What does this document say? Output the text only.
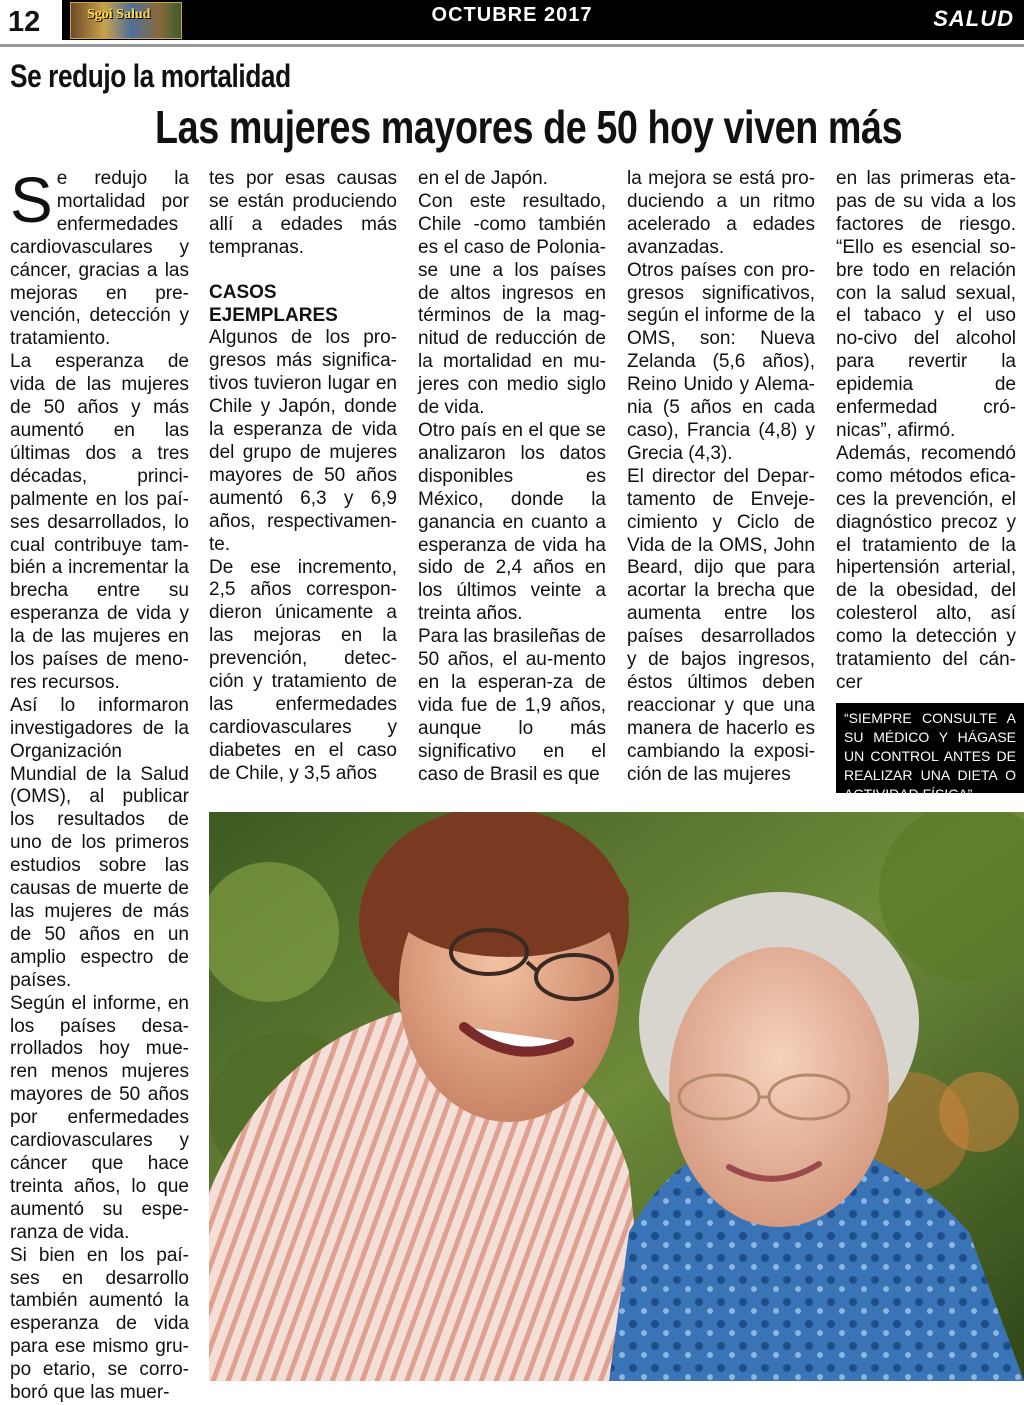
12	Sgoi Salud	OCTUBRE 2017	SALUD
Se redujo la mortalidad
Las mujeres mayores de 50 hoy viven más

Se redujo la mortalidad por enfermedades cardiovasculares y cáncer, gracias a las mejoras en pre-vención, detección y tratamiento.

La esperanza de vida de las mujeres de 50 años y más aumentó en las últimas dos a tres décadas, princi-palmente en los paí-ses desarrollados, lo cual contribuye tam-bién a incrementar la brecha entre su esperanza de vida y la de las mujeres en los países de meno-res recursos.

Así lo informaron investigadores de la Organización Mundial de la Salud (OMS), al publicar los resultados de uno de los primeros estudios sobre las causas de muerte de las mujeres de más de 50 años en un amplio espectro de países.

Según el informe, en los países desa-rrollados hoy mue-ren menos mujeres mayores de 50 años por enfermedades cardiovasculares y cáncer que hace treinta años, lo que aumentó su espe-ranza de vida.

Si bien en los paí-ses en desarrollo también aumentó la esperanza de vida para ese mismo gru-po etario, se corro-boró que las muer-

tes por esas causas se están produciendo allí a edades más tempranas.

CASOS EJEMPLARES

Algunos de los pro-gresos más significa-tivos tuvieron lugar en Chile y Japón, donde la esperanza de vida del grupo de mujeres mayores de 50 años aumentó 6,3 y 6,9 años, respectivamen-te.

De ese incremento, 2,5 años correspon-dieron únicamente a las mejoras en la prevención, detec-ción y tratamiento de las enfermedades cardiovasculares y diabetes en el caso de Chile, y 3,5 años

en el de Japón.

Con este resultado, Chile -como también es el caso de Polonia- se une a los países de altos ingresos en términos de la mag-nitud de reducción de la mortalidad en mu-jeres con medio siglo de vida.

Otro país en el que se analizaron los datos disponibles es México, donde la ganancia en cuanto a esperanza de vida ha sido de 2,4 años en los últimos veinte a treinta años.

Para las brasileñas de 50 años, el au-mento en la esperan-za de vida fue de 1,9 años, aunque lo más significativo en el caso de Brasil es que

la mejora se está pro-duciendo a un ritmo acelerado a edades avanzadas.

Otros países con pro-gresos significativos, según el informe de la OMS, son: Nueva Zelanda (5,6 años), Reino Unido y Alema-nia (5 años en cada caso), Francia (4,8) y Grecia (4,3).

El director del Depar-tamento de Enveje-cimiento y Ciclo de Vida de la OMS, John Beard, dijo que para acortar la brecha que aumenta entre los países desarrollados y de bajos ingresos, éstos últimos deben reaccionar y que una manera de hacerlo es cambiando la exposi-ción de las mujeres

en las primeras eta-pas de su vida a los factores de riesgo. “Ello es esencial so-bre todo en relación con la salud sexual, el tabaco y el uso no-civo del alcohol para revertir la epidemia de enfermedad cró-nicas”, afirmó.

Además, recomendó como métodos efica-ces la prevención, el diagnóstico precoz y el tratamiento de la hipertensión arterial, de la obesidad, del colesterol alto, así como la detección y tratamiento del cán-cer

“SIEMPRE CONSULTE A SU MÉDICO Y HÁGASE UN CONTROL ANTES DE REALIZAR UNA DIETA O ACTIVIDAD FÍSICA”
